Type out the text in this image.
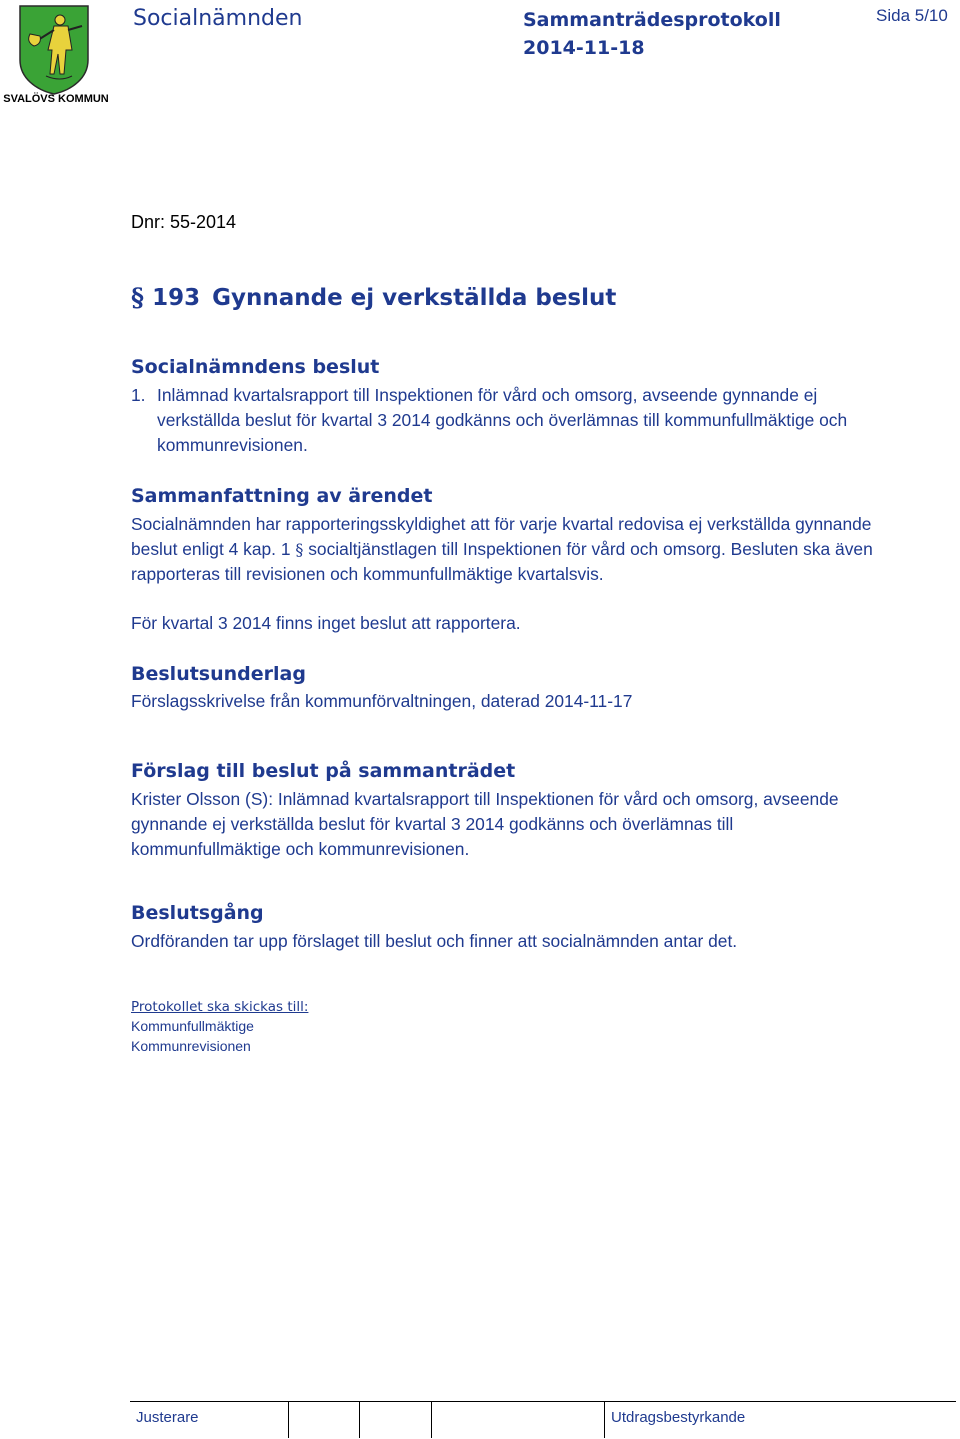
SVALÖVS KOMMUN
Socialnämnden	Sammanträdesprotokoll
2014-11-18
Sida 5/10
Dnr: 55-2014
§ 193 Gynnande ej verkställda beslut
Socialnämndens beslut
1. Inlämnad kvartalsrapport till Inspektionen för vård och omsorg, avseende gynnande ej
verkställda beslut för kvartal 3 2014 godkänns och överlämnas till kommunfullmäktige och
kommunrevisionen.
Sammanfattning av ärendet
Socialnämnden har rapporteringsskyldighet att för varje kvartal redovisa ej verkställda gynnande
beslut enligt 4 kap. 1 § socialtjänstlagen till Inspektionen för vård och omsorg. Besluten ska även
rapporteras till revisionen och kommunfullmäktige kvartalsvis.
För kvartal 3 2014 finns inget beslut att rapportera.
Beslutsunderlag
Förslagsskrivelse från kommunförvaltningen, daterad 2014-11-17
Förslag till beslut på sammanträdet
Krister Olsson (S): Inlämnad kvartalsrapport till Inspektionen för vård och omsorg, avseende
gynnande ej verkställda beslut för kvartal 3 2014 godkänns och överlämnas till
kommunfullmäktige och kommunrevisionen.
Beslutsgång
Ordföranden tar upp förslaget till beslut och finner att socialnämnden antar det.
Protokollet ska skickas till:
Kommunfullmäktige
Kommunrevisionen
Justerare	Utdragsbestyrkande
